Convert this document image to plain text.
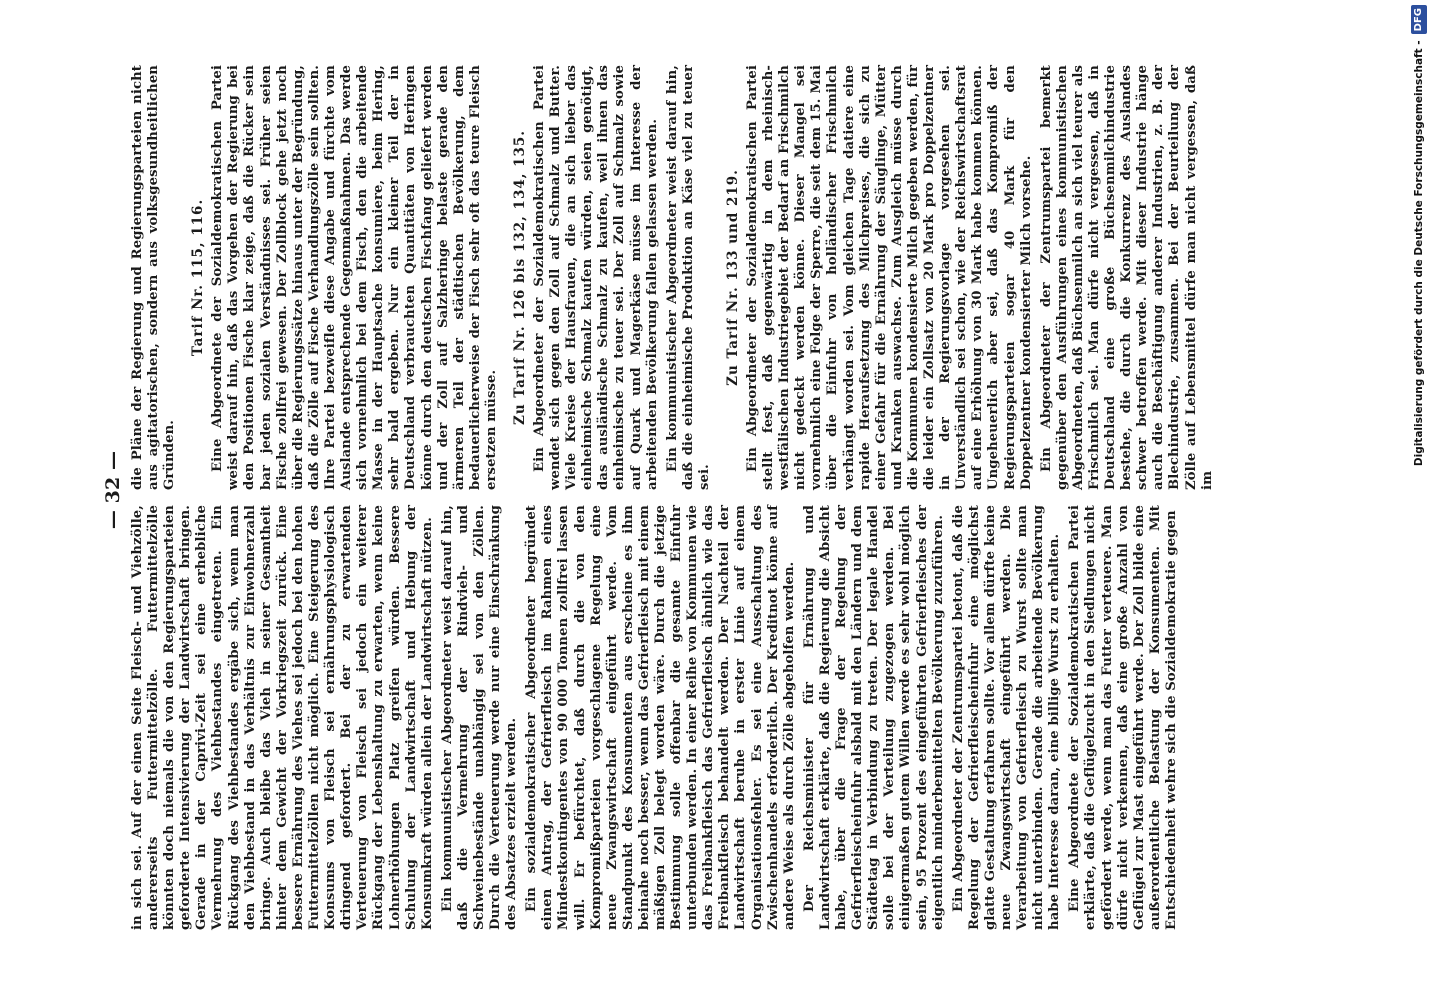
— 32 —

in sich sei. Auf der einen Seite Fleisch- und Viehzölle, andererseits Futtermittelzölle. Futtermittelzölle könnten doch niemals die von den Regierungsparteien geforderte Intensivierung der Landwirtschaft bringen. Gerade in der Caprivi-Zeit sei eine erhebliche Vermehrung des Viehbestandes eingetreten. Ein Rückgang des Viehbestandes ergäbe sich, wenn man den Viehbestand in das Verhältnis zur Einwohnerzahl bringe. Auch bleibe das Vieh in seiner Gesamtheit hinter dem Gewicht der Vorkriegszeit zurück. Eine bessere Ernährung des Viehes sei jedoch bei den hohen Futtermittelzöllen nicht möglich. Eine Steigerung des Konsums von Fleisch sei ernährungsphysiologisch dringend gefordert. Bei der zu erwartenden Verteuerung von Fleisch sei jedoch ein weiterer Rückgang der Lebenshaltung zu erwarten, wenn keine Lohnerhöhungen Platz greifen würden. Bessere Schulung der Landwirtschaft und Hebung der Konsumkraft würden allein der Landwirtschaft nützen. Ein kommunistischer Abgeordneter weist darauf hin, daß die Vermehrung der Rindvieh- und Schweinebestände unabhängig sei von den Zöllen. Durch die Verteuerung werde nur eine Einschränkung des Absatzes erzielt werden. Ein sozialdemokratischer Abgeordneter begründet einen Antrag, der Gefrierfleisch im Rahmen eines Mindestkontingentes von 90 000 Tonnen zollfrei lassen will. Er befürchtet, daß durch die von den Kompromißparteien vorgeschlagene Regelung eine neue Zwangswirtschaft eingeführt werde. Vom Standpunkt des Konsumenten aus erscheine es ihm beinahe noch besser, wenn das Gefrierfleisch mit einem mäßigen Zoll belegt worden wäre. Durch die jetzige Bestimmung solle offenbar die gesamte Einfuhr unterbunden werden. In einer Reihe von Kommunen wie das Freibankfleisch das Gefrierfleisch ähnlich wie das Freibankfleisch behandelt werden. Der Nachteil der Landwirtschaft beruhe in erster Linie auf einem Organisationsfehler. Es sei eine Ausschaltung des Zwischenhandels erforderlich. Der Kreditnot könne auf andere Weise als durch Zölle abgeholfen werden. Der Reichsminister für Ernährung und Landwirtschaft erklärte, daß die Regierung die Absicht habe, über die Frage der Regelung der Gefrierfleischeinfuhr alsbald mit den Ländern und dem Städtetag in Verbindung zu treten. Der legale Handel solle bei der Verteilung zugezogen werden. Bei einigermaßen gutem Willen werde es sehr wohl möglich sein, 95 Prozent des eingeführten Gefrierfleisches der eigentlich minderbemittelten Bevölkerung zuzuführen. Ein Abgeordneter der Zentrumspartei betont, daß die Regelung der Gefrierfleischeinfuhr eine möglichst glatte Gestaltung erfahren sollte. Vor allem dürfte keine neue Zwangswirtschaft eingeführt werden. Die Verarbeitung von Gefrierfleisch zu Wurst sollte man nicht unterbinden. Gerade die arbeitende Bevölkerung habe Interesse daran, eine billige Wurst zu erhalten. Eine Abgeordnete der Sozialdemokratischen Partei erklärte, daß die Geflügelzucht in den Siedlungen nicht gefördert werde, wenn man das Futter verteuere. Man dürfe nicht verkennen, daß eine große Anzahl von Geflügel zur Mast eingeführt werde. Der Zoll bilde eine außerordentliche Belastung der Konsumenten. Mit Entschiedenheit wehre sich die Sozialdemokratie gegen

die Pläne der Regierung und Regierungsparteien nicht aus agitatorischen, sondern aus volksgesundheitlichen Gründen.

Tarif Nr. 115, 116. Eine Abgeordnete der Sozialdemokratischen Partei weist darauf hin, daß das Vorgehen der Regierung bei den Positionen Fische klar zeige, daß die Rücker sein bar jeden sozialen Verständnisses sei. Früher seien Fische zollfrei gewesen. Der Zollblock gehe jetzt noch über die Regierungssätze hinaus unter der Begründung, daß die Zölle auf Fische Verhandlungszölle sein sollten. Ihre Partei bezweifle diese Angabe und fürchte vom Auslande entsprechende Gegenmaßnahmen. Das werde sich vornehmlich bei dem Fisch, den die arbeitende Masse in der Hauptsache konsumiere, beim Hering, sehr bald ergeben. Nur ein kleiner Teil der in Deutschland verbrauchten Quantitäten von Heringen könne durch den deutschen Fischfang geliefert werden und der Zoll auf Salzheringe belaste gerade den ärmeren Teil der städtischen Bevölkerung, dem bedauerlicherweise der Fisch sehr oft das teure Fleisch ersetzen müsse.

Zu Tarif Nr. 126 bis 132, 134, 135. Ein Abgeordneter der Sozialdemokratischen Partei wendet sich gegen den Zoll auf Schmalz und Butter. Viele Kreise der Hausfrauen, die an sich lieber das einheimische Schmalz kaufen würden, seien genötigt, das ausländische Schmalz zu kaufen, weil ihnen das einheimische zu teuer sei. Der Zoll auf Schmalz sowie auf Quark und Magerkäse müsse im Interesse der arbeitenden Bevölkerung fallen gelassen werden. Ein kommunistischer Abgeordneter weist darauf hin, daß die einheimische Produktion an Käse viel zu teuer sei.

Zu Tarif Nr. 133 und 219. Ein Abgeordneter der Sozialdemokratischen Partei stellt fest, daß gegenwärtig in dem rheinisch-westfälischen Industriegebiet der Bedarf an Frischmilch nicht gedeckt werden könne. Dieser Mangel sei vornehmlich eine Folge der Sperre, die seit dem 15. Mai über die Einfuhr von holländischer Frischmilch verhängt worden sei. Vom gleichen Tage datiere eine rapide Heraufsetzung des Milchpreises, die sich zu einer Gefahr für die Ernährung der Säuglinge, Mütter und Kranken auswachse. Zum Ausgleich müsse durch die Kommunen kondensierte Milch gegeben werden, für die leider ein Zollsatz von 20 Mark pro Doppelzentner in der Regierungsvorlage vorgesehen sei. Unverständlich sei schon, wie der Reichswirtschaftsrat auf eine Erhöhung von 30 Mark habe kommen können. Ungeheuerlich aber sei, daß das Kompromiß der Regierungsparteien sogar 40 Mark für den Doppelzentner kondensierter Milch vorsehe. Ein Abgeordneter der Zentrumspartei bemerkt gegenüber den Ausführungen eines kommunistischen Abgeordneten, daß Büchsenmilch an sich viel teurer als Frischmilch sei. Man dürfe nicht vergessen, daß in Deutschland eine große Büchsenmilchindustrie bestehe, die durch die Konkurrenz des Auslandes schwer betroffen werde. Mit dieser Industrie hänge auch die Beschäftigung anderer Industrien, z. B. der Blechindustrie, zusammen. Bei der Beurteilung der Zölle auf Lebensmittel dürfe man nicht vergessen, daß im

Digitalisierung gefördert durch die Deutsche Forschungsgemeinschaft -
DFG
